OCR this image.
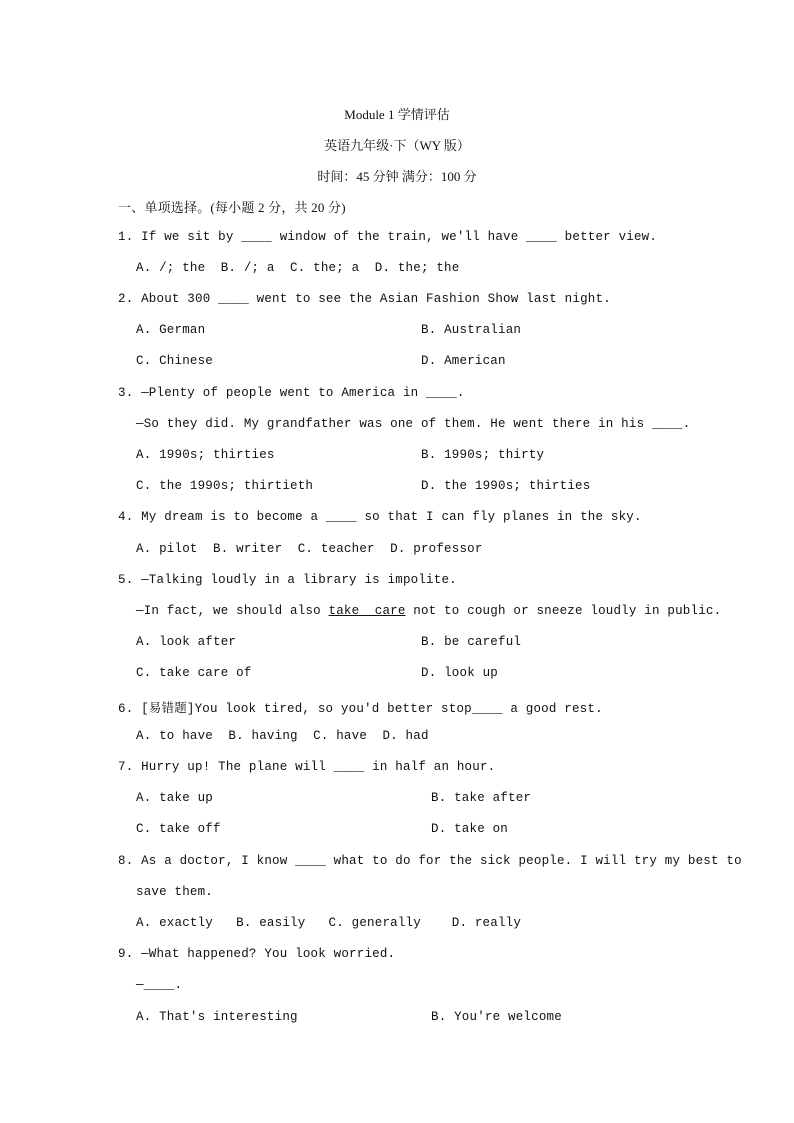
Module 1 学情评估
英语九年级·下（WY 版）
时间：45 分钟 满分：100 分
一、单项选择。(每小题 2 分，共 20 分)
1. If we sit by ____ window of the train, we'll have ____ better view.
A. /; the  B. /; a  C. the; a  D. the; the
2. About 300 ____ went to see the Asian Fashion Show last night.
A. German	B. Australian
C. Chinese	D. American
3. —Plenty of people went to America in ____.
—So they did. My grandfather was one of them. He went there in his ____.
A. 1990s; thirties	B. 1990s; thirty
C. the 1990s; thirtieth	D. the 1990s; thirties
4. My dream is to become a ____ so that I can fly planes in the sky.
A. pilot  B. writer  C. teacher  D. professor
5. —Talking loudly in a library is impolite.
—In fact, we should also take  care not to cough or sneeze loudly in public.
A. look after	B. be careful
C. take care of	D. look up
6. [易错题]You look tired, so you'd better stop____ a good rest.
A. to have  B. having  C. have  D. had
7. Hurry up! The plane will ____ in half an hour.
A. take up	B. take after
C. take off	D. take on
8. As a doctor, I know ____ what to do for the sick people. I will try my best to
save them.
A. exactly   B. easily   C. generally    D. really
9. —What happened? You look worried.
—____.
A. That's interesting	B. You're welcome
